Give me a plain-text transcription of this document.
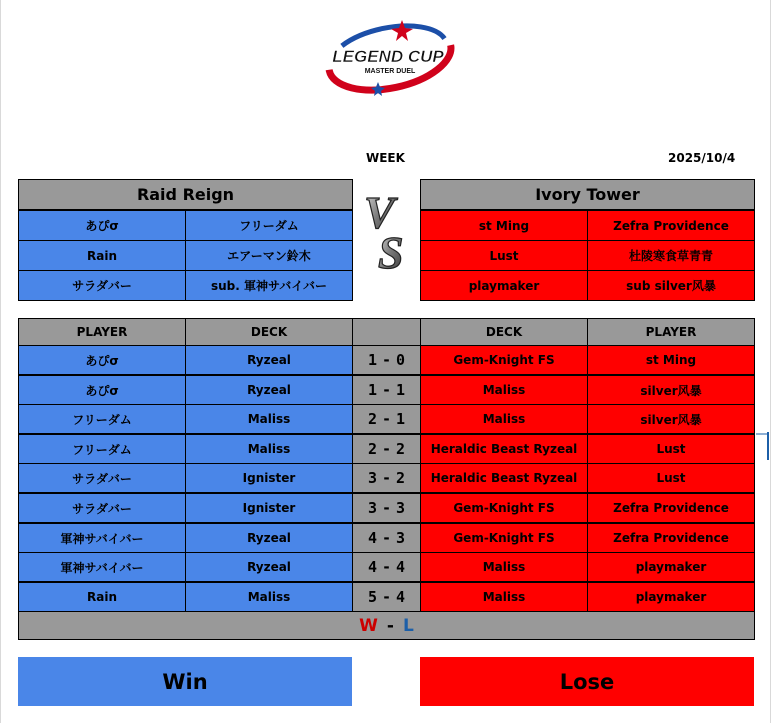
LEGEND CUP
MASTER DUEL
WEEK	2025/10/4
Raid Reign
あぴσ	フリーダム
Rain	エアーマン鈴木
サラダバー	sub. 軍神サバイバー
V
S
Ivory Tower
st Ming	Zefra Providence
Lust	杜陵寒食草青青
playmaker	sub silver风暴
PLAYER	DECK	DECK	PLAYER
あぴσ	Ryzeal	1 - 0	Gem-Knight FS	st Ming
あぴσ	Ryzeal	1 - 1	Maliss	silver风暴
フリーダム	Maliss	2 - 1	Maliss	silver风暴
フリーダム	Maliss	2 - 2	Heraldic Beast Ryzeal	Lust
サラダバー	Ignister	3 - 2	Heraldic Beast Ryzeal	Lust
サラダバー	Ignister	3 - 3	Gem-Knight FS	Zefra Providence
軍神サバイバー	Ryzeal	4 - 3	Gem-Knight FS	Zefra Providence
軍神サバイバー	Ryzeal	4 - 4	Maliss	playmaker
Rain	Maliss	5 - 4	Maliss	playmaker
W - L
Win	Lose
